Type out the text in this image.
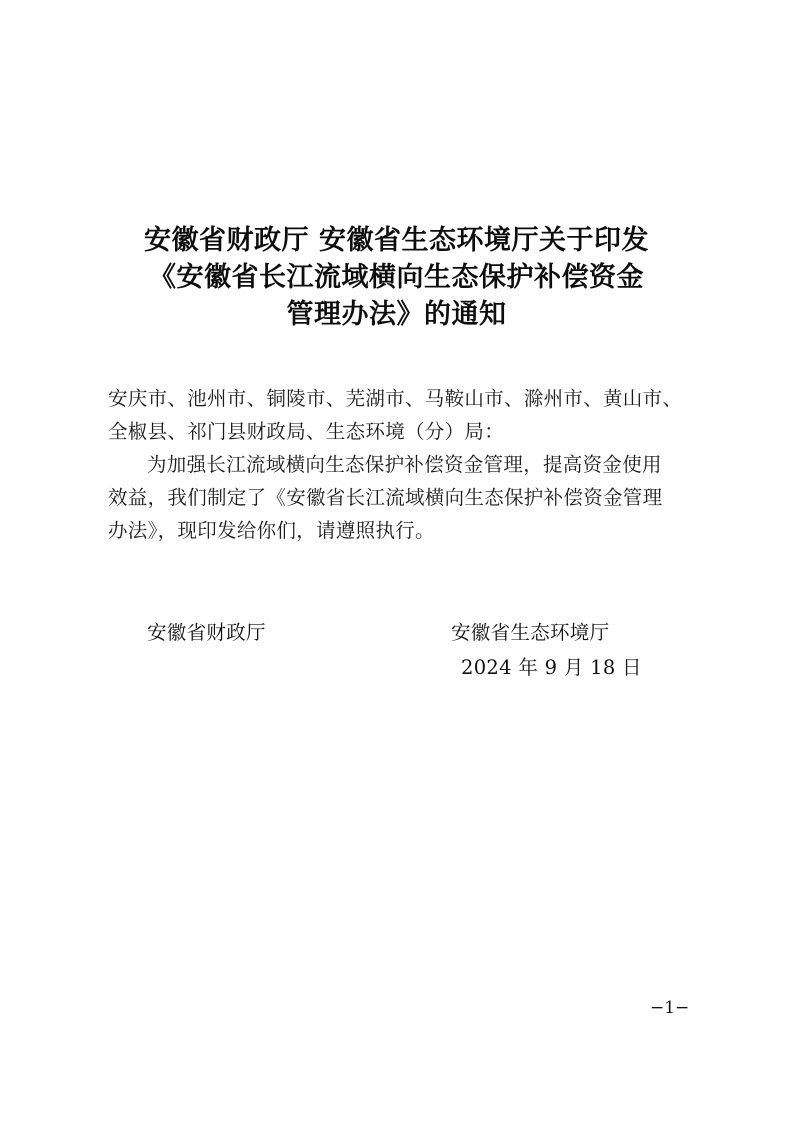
安徽省财政厅 安徽省生态环境厅关于印发
《安徽省长江流域横向生态保护补偿资金
管理办法》的通知
安庆市、池州市、铜陵市、芜湖市、马鞍山市、滁州市、黄山市、
全椒县、祁门县财政局、生态环境（分）局：
为加强长江流域横向生态保护补偿资金管理，提高资金使用
效益，我们制定了《安徽省长江流域横向生态保护补偿资金管理
办法》，现印发给你们，请遵照执行。
安徽省财政厅	安徽省生态环境厅
2024 年 9 月 18 日
−1−
